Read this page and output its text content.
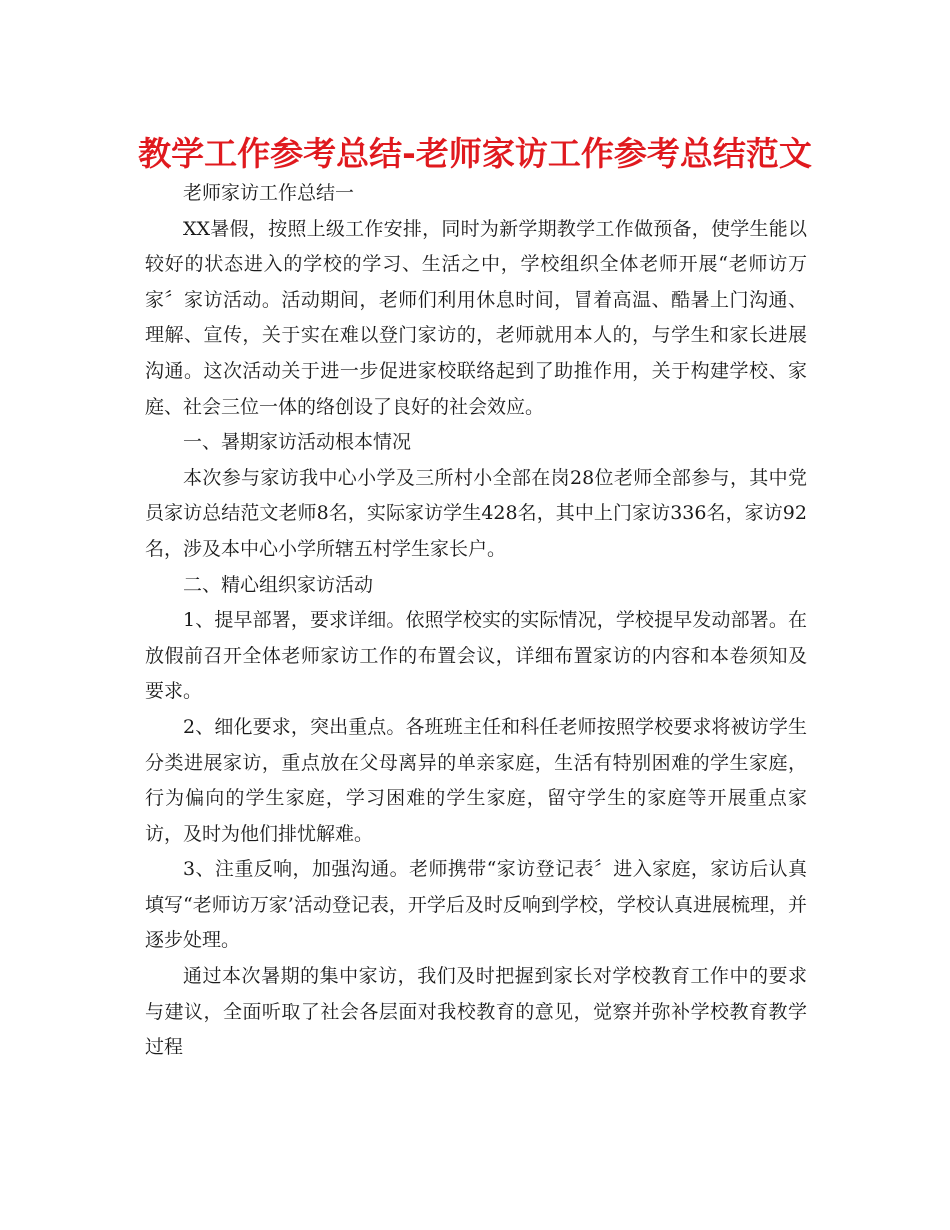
教学工作参考总结-老师家访工作参考总结范文

老师家访工作总结一

XX暑假，按照上级工作安排，同时为新学期教学工作做预备，使学生能以较好的状态进入的学校的学习、生活之中，学校组织全体老师开展“老师访万家〞家访活动。活动期间，老师们利用休息时间，冒着高温、酷暑上门沟通、理解、宣传，关于实在难以登门家访的，老师就用本人的，与学生和家长进展沟通。这次活动关于进一步促进家校联络起到了助推作用，关于构建学校、家庭、社会三位一体的络创设了良好的社会效应。

一、暑期家访活动根本情况

本次参与家访我中心小学及三所村小全部在岗28位老师全部参与，其中党员家访总结范文老师8名，实际家访学生428名，其中上门家访336名，家访92名，涉及本中心小学所辖五村学生家长户。

二、精心组织家访活动

1、提早部署，要求详细。依照学校实的实际情况，学校提早发动部署。在放假前召开全体老师家访工作的布置会议，详细布置家访的内容和本卷须知及要求。

2、细化要求，突出重点。各班班主任和科任老师按照学校要求将被访学生分类进展家访，重点放在父母离异的单亲家庭，生活有特别困难的学生家庭，行为偏向的学生家庭，学习困难的学生家庭，留守学生的家庭等开展重点家访，及时为他们排忧解难。

3、注重反响，加强沟通。老师携带“家访登记表〞进入家庭，家访后认真填写“老师访万家’活动登记表，开学后及时反响到学校，学校认真进展梳理，并逐步处理。

通过本次暑期的集中家访，我们及时把握到家长对学校教育工作中的要求与建议，全面听取了社会各层面对我校教育的意见，觉察并弥补学校教育教学过程
